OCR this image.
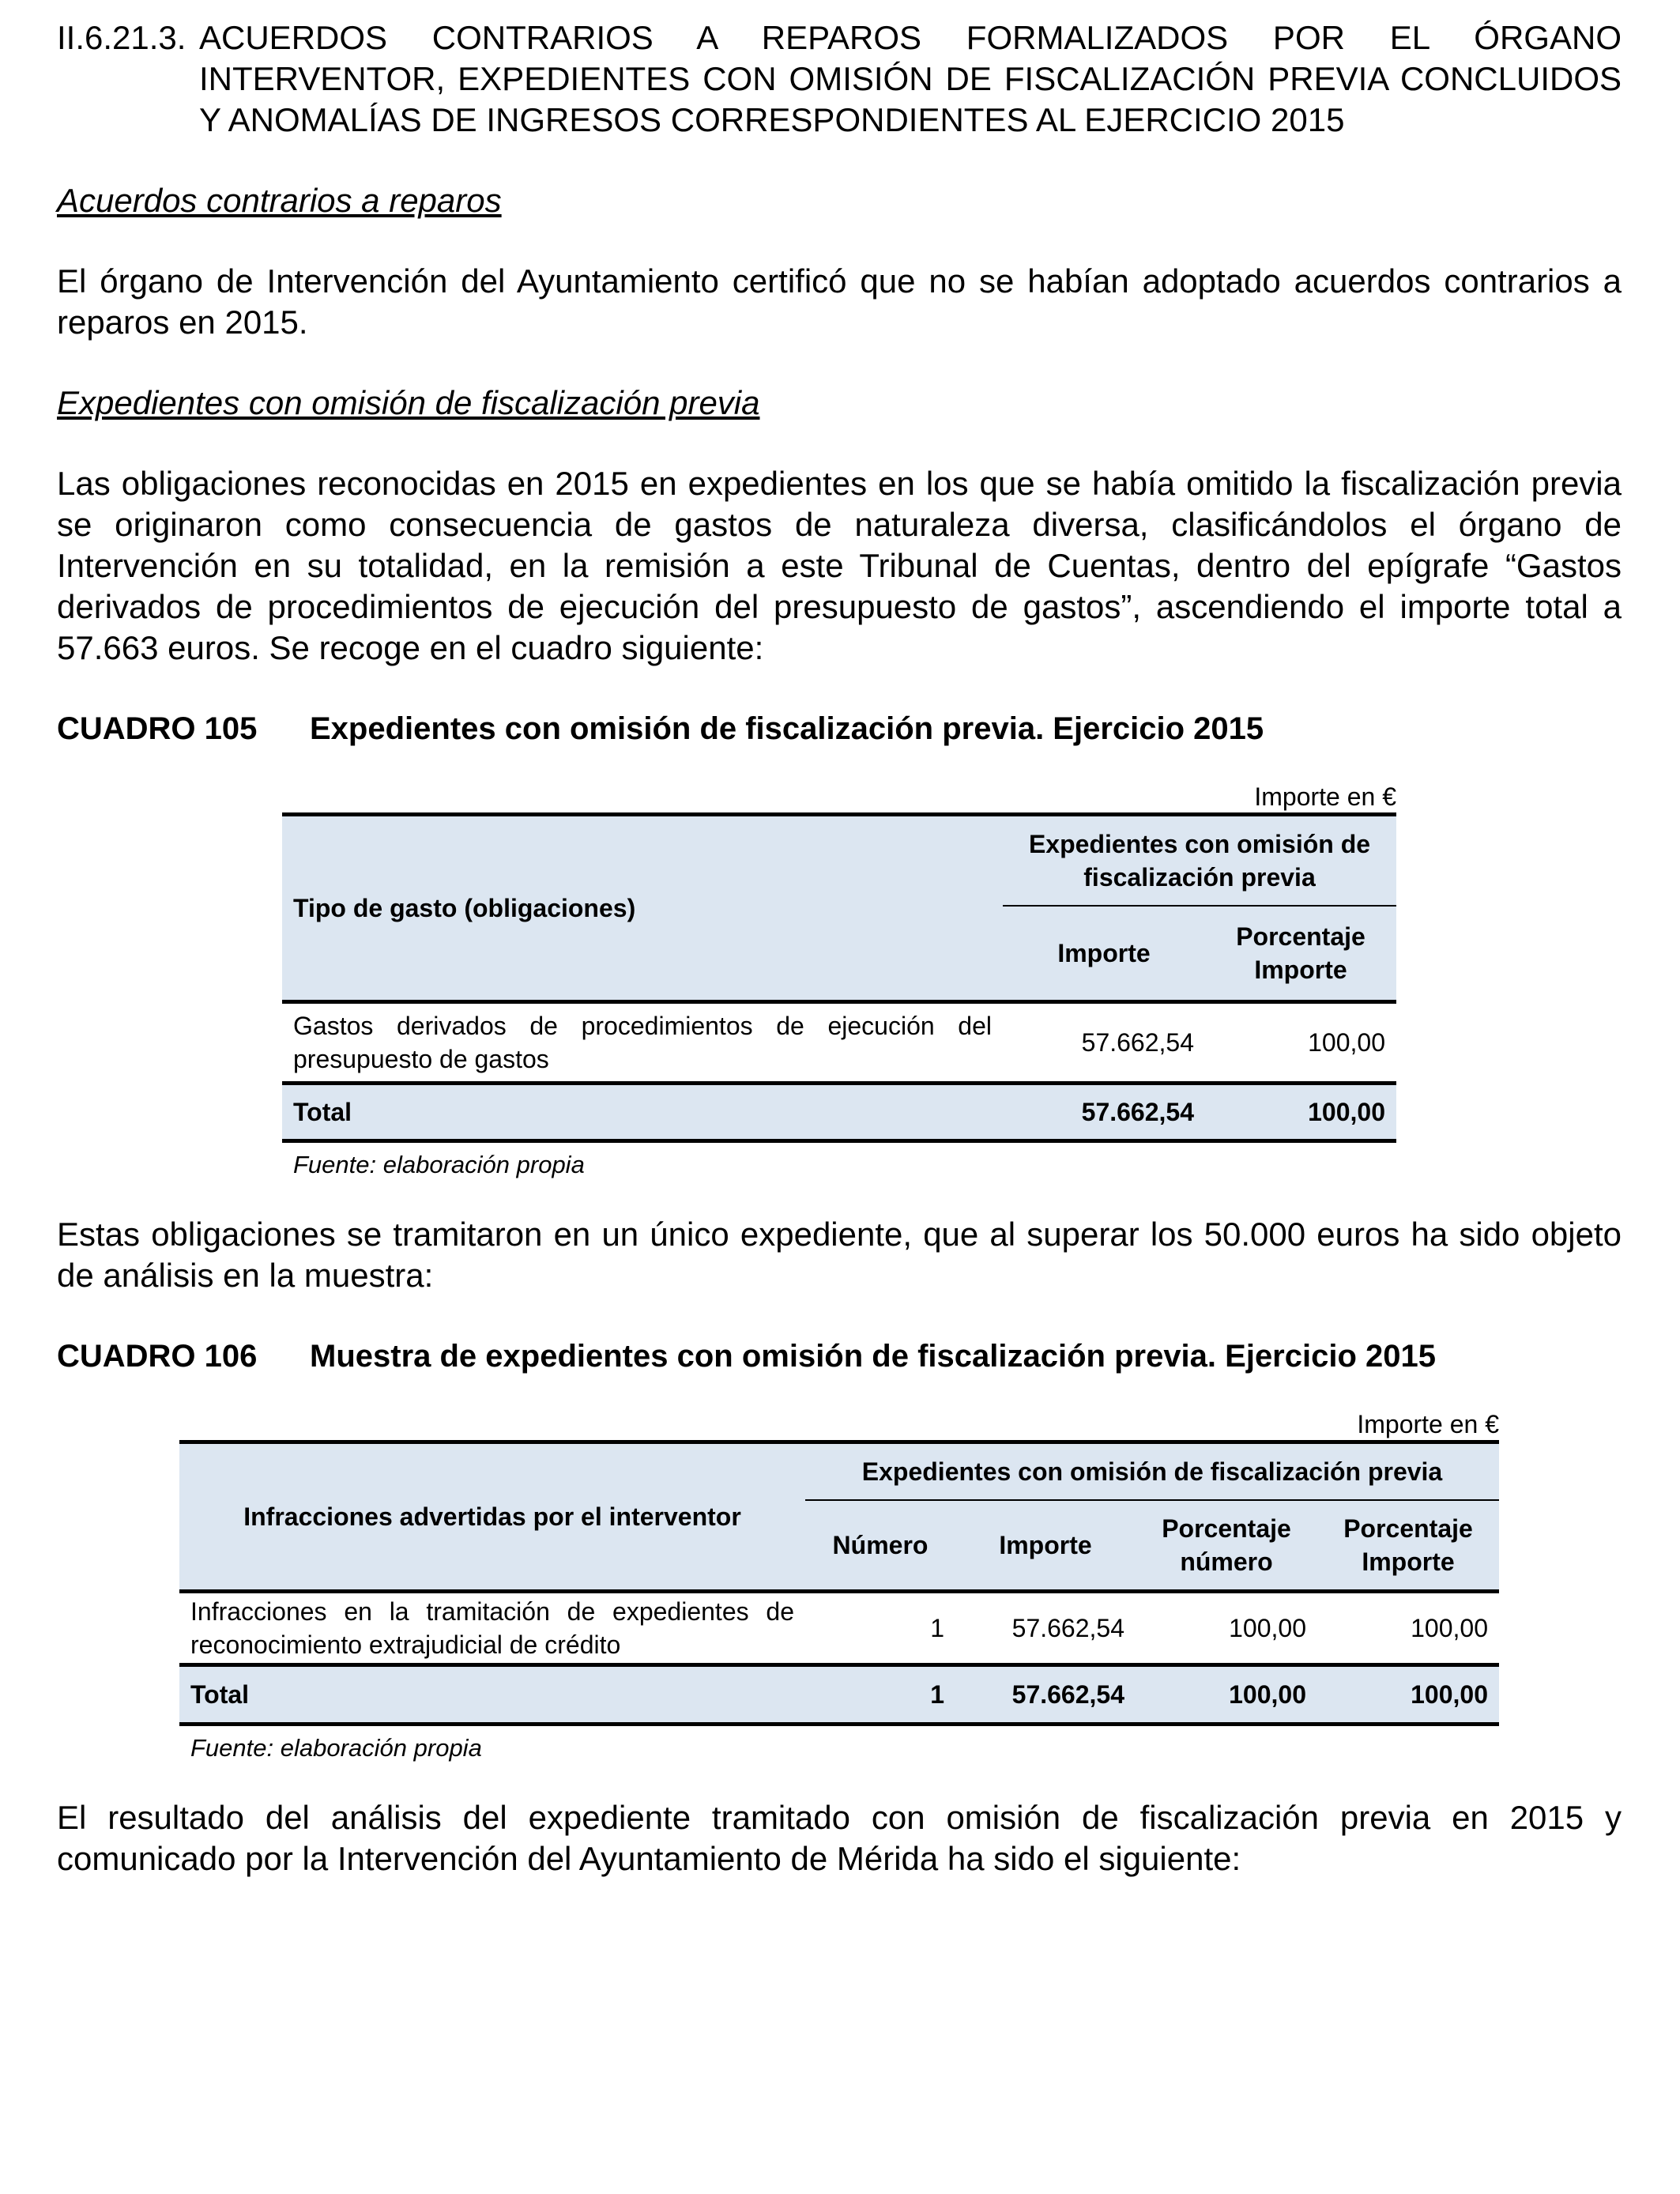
II.6.21.3. ACUERDOS CONTRARIOS A REPAROS FORMALIZADOS POR EL ÓRGANO INTERVENTOR, EXPEDIENTES CON OMISIÓN DE FISCALIZACIÓN PREVIA CONCLUIDOS Y ANOMALÍAS DE INGRESOS CORRESPONDIENTES AL EJERCICIO 2015
Acuerdos contrarios a reparos

El órgano de Intervención del Ayuntamiento certificó que no se habían adoptado acuerdos contrarios a reparos en 2015.

Expedientes con omisión de fiscalización previa

Las obligaciones reconocidas en 2015 en expedientes en los que se había omitido la fiscalización previa se originaron como consecuencia de gastos de naturaleza diversa, clasificándolos el órgano de Intervención en su totalidad, en la remisión a este Tribunal de Cuentas, dentro del epígrafe “Gastos derivados de procedimientos de ejecución del presupuesto de gastos”, ascendiendo el importe total a 57.663 euros. Se recoge en el cuadro siguiente:

CUADRO 105 Expedientes con omisión de fiscalización previa. Ejercicio 2015
Importe en €
Tipo de gasto (obligaciones)	Expedientes con omisión de fiscalización previa	
	Importe	Porcentaje Importe
Gastos derivados de procedimientos de ejecución del presupuesto de gastos	57.662,54	100,00
Total	57.662,54	100,00
Fuente: elaboración propia

Estas obligaciones se tramitaron en un único expediente, que al superar los 50.000 euros ha sido objeto de análisis en la muestra:

CUADRO 106 Muestra de expedientes con omisión de fiscalización previa. Ejercicio 2015
Importe en €
Infracciones advertidas por el interventor	Expedientes con omisión de fiscalización previa			
	Número	Importe	Porcentaje número	Porcentaje Importe
Infracciones en la tramitación de expedientes de reconocimiento extrajudicial de crédito	1	57.662,54	100,00	100,00
Total	1	57.662,54	100,00	100,00
Fuente: elaboración propia

El resultado del análisis del expediente tramitado con omisión de fiscalización previa en 2015 y comunicado por la Intervención del Ayuntamiento de Mérida ha sido el siguiente:
